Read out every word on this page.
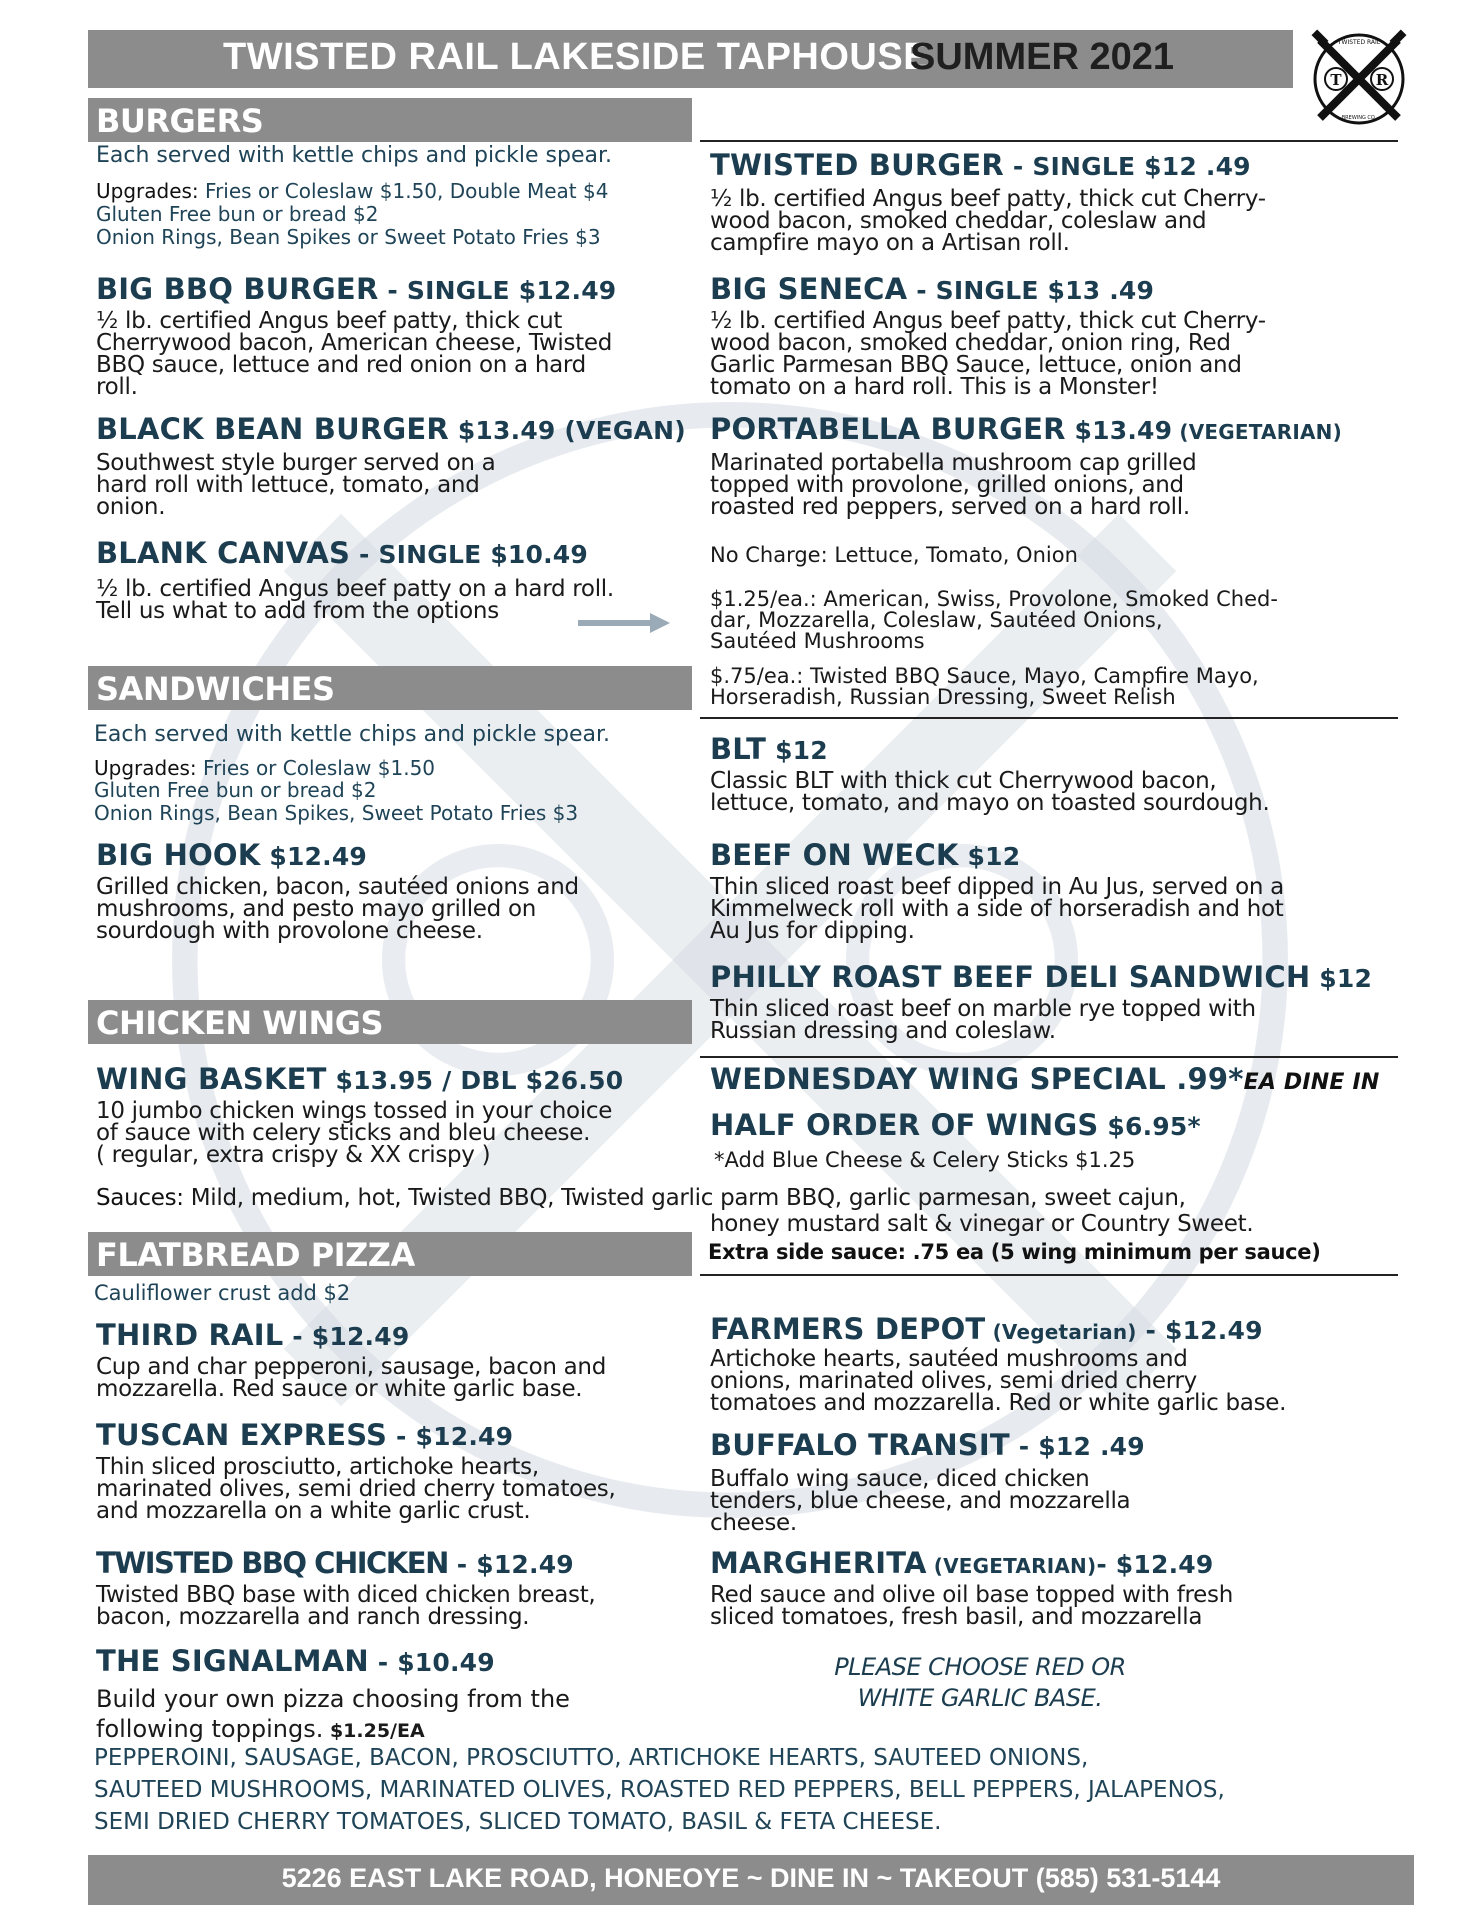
TWISTED RAIL LAKESIDE TAPHOUSE
SUMMER 2021
T R
TWISTED RAIL
BREWING CO.
BURGERS
Each served with kettle chips and pickle spear.
Upgrades: Fries or Coleslaw $1.50, Double Meat $4
Gluten Free bun or bread $2
Onion Rings, Bean Spikes or Sweet Potato Fries $3
TWISTED BURGER - SINGLE $12 .49
½ lb. certified Angus beef patty, thick cut Cherry-
wood bacon, smoked cheddar, coleslaw and
campfire mayo on a Artisan roll.
BIG BBQ BURGER - SINGLE $12.49
½ lb. certified Angus beef patty, thick cut
Cherrywood bacon, American cheese, Twisted
BBQ sauce, lettuce and red onion on a hard
roll.
BIG SENECA - SINGLE $13 .49
½ lb. certified Angus beef patty, thick cut Cherry-
wood bacon, smoked cheddar, onion ring, Red
Garlic Parmesan BBQ Sauce, lettuce, onion and
tomato on a hard roll. This is a Monster!
BLACK BEAN BURGER $13.49 (VEGAN)
Southwest style burger served on a
hard roll with lettuce, tomato, and
onion.
PORTABELLA BURGER $13.49 (VEGETARIAN)
Marinated portabella mushroom cap grilled
topped with provolone, grilled onions, and
roasted red peppers, served on a hard roll.
BLANK CANVAS - SINGLE $10.49
½ lb. certified Angus beef patty on a hard roll.
Tell us what to add from the options
No Charge: Lettuce, Tomato, Onion
$1.25/ea.: American, Swiss, Provolone, Smoked Ched-
dar, Mozzarella, Coleslaw, Sautéed Onions,
Sautéed Mushrooms
$.75/ea.: Twisted BBQ Sauce, Mayo, Campfire Mayo,
Horseradish, Russian Dressing, Sweet Relish
SANDWICHES
Each served with kettle chips and pickle spear.
Upgrades: Fries or Coleslaw $1.50
Gluten Free bun or bread $2
Onion Rings, Bean Spikes, Sweet Potato Fries $3
BLT $12
Classic BLT with thick cut Cherrywood bacon,
lettuce, tomato, and mayo on toasted sourdough.
BIG HOOK $12.49
Grilled chicken, bacon, sautéed onions and
mushrooms, and pesto mayo grilled on
sourdough with provolone cheese.
BEEF ON WECK $12
Thin sliced roast beef dipped in Au Jus, served on a
Kimmelweck roll with a side of horseradish and hot
Au Jus for dipping.
PHILLY ROAST BEEF DELI SANDWICH $12
Thin sliced roast beef on marble rye topped with
Russian dressing and coleslaw.
CHICKEN WINGS
WING BASKET $13.95 / DBL $26.50
10 jumbo chicken wings tossed in your choice
of sauce with celery sticks and bleu cheese.
( regular, extra crispy & XX crispy )
WEDNESDAY WING SPECIAL .99*EA DINE IN
HALF ORDER OF WINGS $6.95*
*Add Blue Cheese & Celery Sticks $1.25
Sauces: Mild, medium, hot, Twisted BBQ, Twisted garlic parm BBQ, garlic parmesan, sweet cajun,
honey mustard salt & vinegar or Country Sweet.
Extra side sauce: .75 ea (5 wing minimum per sauce)
FLATBREAD PIZZA
Cauliflower crust add $2
THIRD RAIL - $12.49
Cup and char pepperoni, sausage, bacon and
mozzarella. Red sauce or white garlic base.
FARMERS DEPOT (Vegetarian) - $12.49
Artichoke hearts, sautéed mushrooms and
onions, marinated olives, semi dried cherry
tomatoes and mozzarella. Red or white garlic base.
TUSCAN EXPRESS - $12.49
Thin sliced prosciutto, artichoke hearts,
marinated olives, semi dried cherry tomatoes,
and mozzarella on a white garlic crust.
BUFFALO TRANSIT - $12 .49
Buffalo wing sauce, diced chicken
tenders, blue cheese, and mozzarella
cheese.
TWISTED BBQ CHICKEN - $12.49
Twisted BBQ base with diced chicken breast,
bacon, mozzarella and ranch dressing.
MARGHERITA (VEGETARIAN)- $12.49
Red sauce and olive oil base topped with fresh
sliced tomatoes, fresh basil, and mozzarella
THE SIGNALMAN - $10.49
Build your own pizza choosing from the
following toppings. $1.25/EA
PLEASE CHOOSE RED OR
WHITE GARLIC BASE.
PEPPEROINI, SAUSAGE, BACON, PROSCIUTTO, ARTICHOKE HEARTS, SAUTEED ONIONS,
SAUTEED MUSHROOMS, MARINATED OLIVES, ROASTED RED PEPPERS, BELL PEPPERS, JALAPENOS,
SEMI DRIED CHERRY TOMATOES, SLICED TOMATO, BASIL & FETA CHEESE.
5226 EAST LAKE ROAD, HONEOYE ~ DINE IN ~ TAKEOUT (585) 531-5144
